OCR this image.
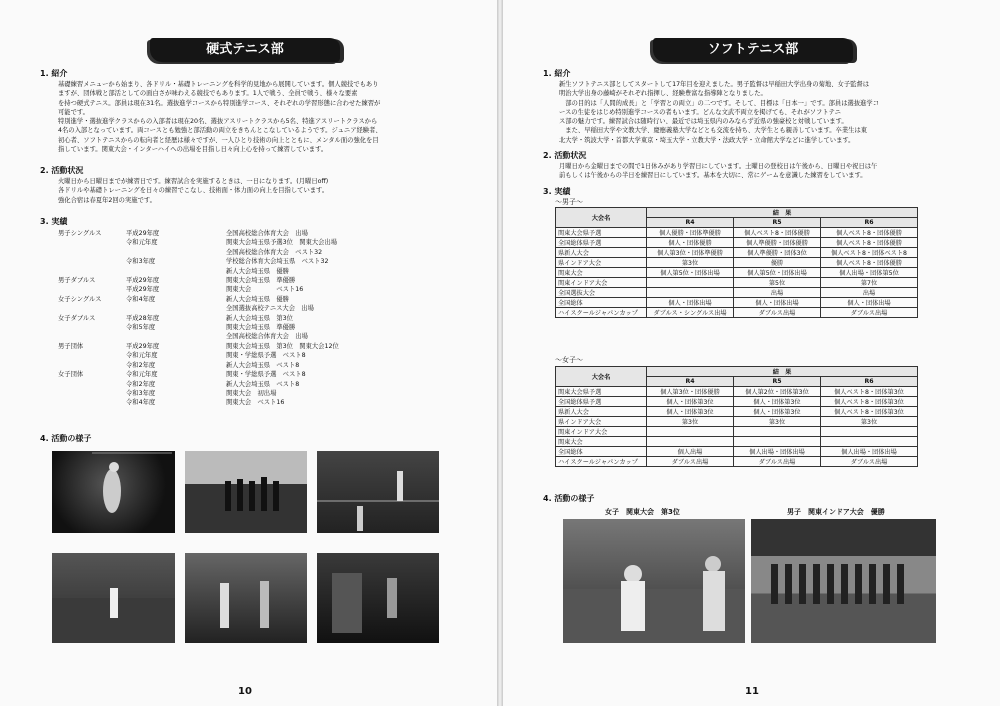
硬式テニス部
1. 紹介

基礎練習メニューから始まり、各ドリル・基礎トレーニングを科学的見地から展開しています。個人競技でもあり

ますが、団体戦と部活としての面白さが味わえる競技でもあります。1人で戦う、全員で戦う、様々な要素

を持つ硬式テニス。部員は現在31名。選抜進学コースから特別進学コース、それぞれの学習形態に合わせた練習が

可能です。

特別進学・選抜進学クラスからの入部者は現在20名、選抜アスリートクラスから5名、特進アスリートクラスから

4名の入部となっています。両コースとも勉強と部活動の両立をきちんとこなしているようです。ジュニア経験者、

初心者、ソフトテニスからの転向者と経歴は様々ですが、一人ひとり技術の向上とともに、メンタル面の強化を目

指しています。関東大会・インターハイへの出場を目指し日々向上心を持って練習しています。

2. 活動状況

火曜日から日曜日までが練習日です。練習試合を実施するときは、一日になります。(月曜日off)

各ドリルや基礎トレーニングを日々の練習でこなし、技術面・体力面の向上を目指しています。

強化合宿は春夏年2回の実施です。

3. 実績
男子シングルス	平成29年度	全国高校総合体育大会　出場
令和元年度	関東大会埼玉県予選3位　関東大会出場
全国高校総合体育大会　ベスト32
令和3年度	学校総合体育大会埼玉県　ベスト32
新人大会埼玉県　優勝
男子ダブルス	平成29年度	関東大会埼玉県　準優勝
平成29年度	関東大会　　　　ベスト16
女子シングルス	令和4年度	新人大会埼玉県　優勝
全国選抜高校テニス大会　出場
女子ダブルス	平成28年度	新人大会埼玉県　第3位
令和5年度	関東大会埼玉県　準優勝
全国高校総合体育大会　出場
男子団体	平成29年度	関東大会埼玉県　第3位　関東大会12位
令和元年度	関東・学総県予選　ベスト8
令和2年度	新人大会埼玉県　ベスト8
女子団体	令和元年度	関東・学総県予選　ベスト8
令和2年度	新人大会埼玉県　ベスト8
令和3年度	関東大会　初出場
令和4年度	関東大会　ベスト16
4. 活動の様子
10
ソフトテニス部
1. 紹介

新生ソフトテニス部としてスタートして17年目を迎えました。男子監督は早稲田大学出身の菊地、女子監督は

明治大学出身の藤崎がそれぞれ指揮し、経験豊富な指導陣となりました。

　部の目的は「人間的成長」と「学習との両立」の二つです。そして、目標は「日本一」です。部員は選抜進学コ

ースの生徒をはじめ特別進学コースの者もいます。どんな文武不両立を掲げても、それがソフトテニ

ス部の魅力です。練習試合は随時行い、最近では埼玉県内のみならず近県の強豪校と対戦しています。

　また、早稲田大学や文教大学、慶應義塾大学などとも交流を持ち、大学生とも親善しています。卒業生は東

北大学・筑波大学・首都大学東京・埼玉大学・立教大学・法政大学・立命館大学などに進学しています。

2. 活動状況

月曜日から金曜日までの間で1日休みがあり学習日にしています。土曜日の登校日は午後から、日曜日や祝日は午

前もしくは午後からの半日を練習日にしています。基本を大切に、常にゲームを意識した練習をしています。

3. 実績
～男子～
大会名	結　果		
	R4	R5	R6
関東大会県予選	個人優勝・団体準優勝	個人ベスト8・団体優勝	個人ベスト8・団体優勝
全国総体県予選	個人・団体優勝	個人準優勝・団体優勝	個人ベスト8・団体優勝
県新人大会	個人第3位・団体準優勝	個人準優勝・団体3位	個人ベスト8・団体ベスト8
県インドア大会	第3位	優勝	個人ベスト8・団体優勝
関東大会	個人第5位・団体出場	個人第5位・団体出場	個人出場・団体第5位
関東インドア大会		第5位	第7位
全国選抜大会		出場	出場
全国総体	個人・団体出場	個人・団体出場	個人・団体出場
ハイスクールジャパンカップ	ダブルス・シングルス出場	ダブルス出場	ダブルス出場
～女子～
大会名	結　果		
	R4	R5	R6
関東大会県予選	個人第3位・団体優勝	個人第2位・団体第3位	個人ベスト8・団体第3位
全国総体県予選	個人・団体第3位	個人・団体第3位	個人ベスト8・団体第3位
県新人大会	個人・団体第3位	個人・団体第3位	個人ベスト8・団体第3位
県インドア大会	第3位	第3位	第3位
関東インドア大会			
関東大会			
全国総体	個人出場	個人出場・団体出場	個人出場・団体出場
ハイスクールジャパンカップ	ダブルス出場	ダブルス出場	ダブルス出場
4. 活動の様子
女子　関東大会　第3位	男子　関東インドア大会　優勝
11
